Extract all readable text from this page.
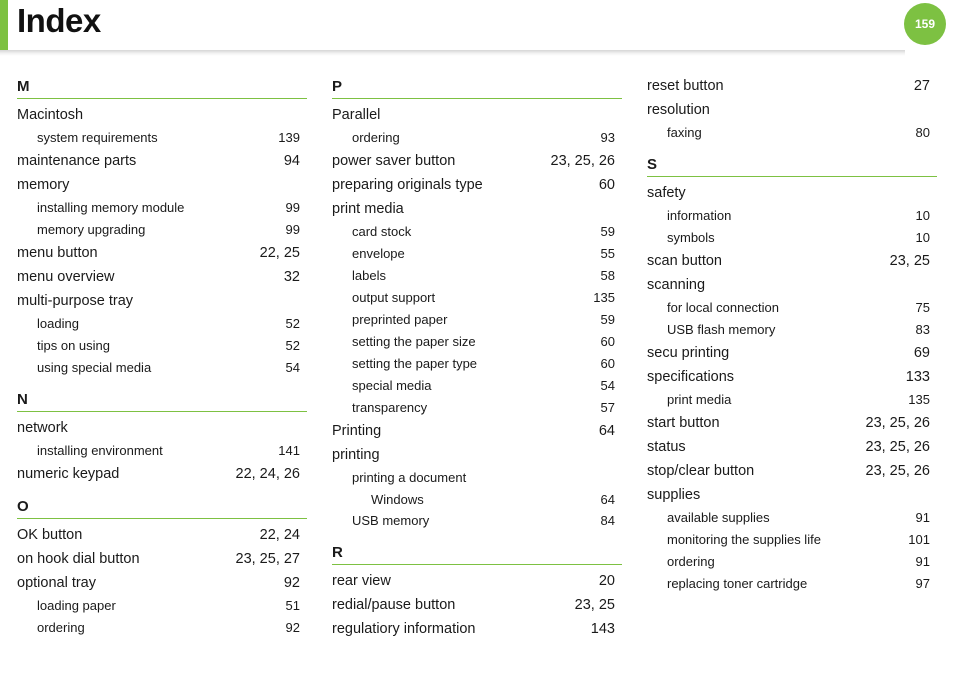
Index	159
M
Macintosh
system requirements	139
maintenance parts	94
memory
installing memory module	99
memory upgrading	99
menu button	22, 25
menu overview	32
multi-purpose tray
loading	52
tips on using	52
using special media	54
N
network
installing environment	141
numeric keypad	22, 24, 26
O
OK button	22, 24
on hook dial button	23, 25, 27
optional tray	92
loading paper	51
ordering	92
P
Parallel
ordering	93
power saver button	23, 25, 26
preparing originals type	60
print media
card stock	59
envelope	55
labels	58
output support	135
preprinted paper	59
setting the paper size	60
setting the paper type	60
special media	54
transparency	57
Printing	64
printing
printing a document
Windows	64
USB memory	84
R
rear view	20
redial/pause button	23, 25
regulatiory information	143
reset button	27
resolution
faxing	80
S
safety
information	10
symbols	10
scan button	23, 25
scanning
for local connection	75
USB flash memory	83
secu printing	69
specifications	133
print media	135
start button	23, 25, 26
status	23, 25, 26
stop/clear button	23, 25, 26
supplies
available supplies	91
monitoring the supplies life	101
ordering	91
replacing toner cartridge	97
